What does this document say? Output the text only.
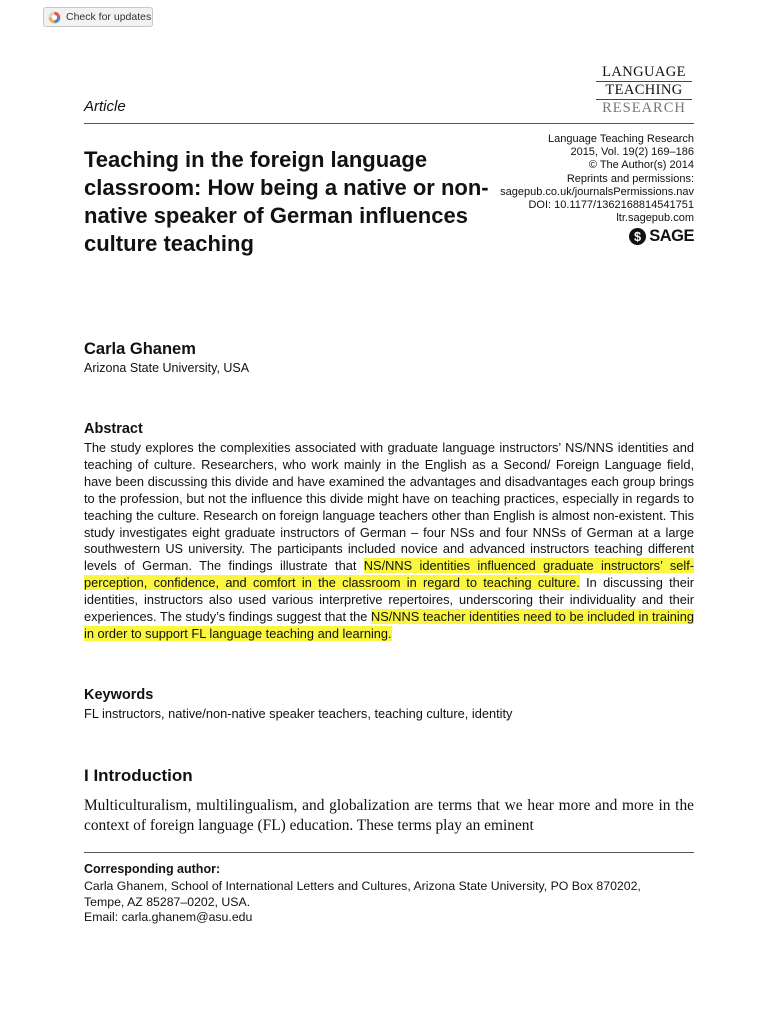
Check for updates
LANGUAGE
TEACHING
RESEARCH
Article
Teaching in the foreign language classroom: How being a native or non-native speaker of German influences culture teaching
Language Teaching Research
2015, Vol. 19(2) 169–186
© The Author(s) 2014
Reprints and permissions:
sagepub.co.uk/journalsPermissions.nav
DOI: 10.1177/1362168814541751
ltr.sagepub.com
$ SAGE
Carla Ghanem
Arizona State University, USA
Abstract

The study explores the complexities associated with graduate language instructors’ NS/NNS identities and teaching of culture. Researchers, who work mainly in the English as a Second/ Foreign Language field, have been discussing this divide and have examined the advantages and disadvantages each group brings to the profession, but not the influence this divide might have on teaching practices, especially in regards to teaching the culture. Research on foreign language teachers other than English is almost non-existent. This study investigates eight graduate instructors of German – four NSs and four NNSs of German at a large southwestern US university. The participants included novice and advanced instructors teaching different levels of German. The findings illustrate that NS/NNS identities influenced graduate instructors’ self-perception, confidence, and comfort in the classroom in regard to teaching culture. In discussing their identities, instructors also used various interpretive repertoires, underscoring their individuality and their experiences. The study’s findings suggest that the NS/NNS teacher identities need to be included in training in order to support FL language teaching and learning.

Keywords
FL instructors, native/non-native speaker teachers, teaching culture, identity
I Introduction

Multiculturalism, multilingualism, and globalization are terms that we hear more and more in the context of foreign language (FL) education. These terms play an eminent

Corresponding author:
Carla Ghanem, School of International Letters and Cultures, Arizona State University, PO Box 870202,
Tempe, AZ 85287–0202, USA.
Email: carla.ghanem@asu.edu
